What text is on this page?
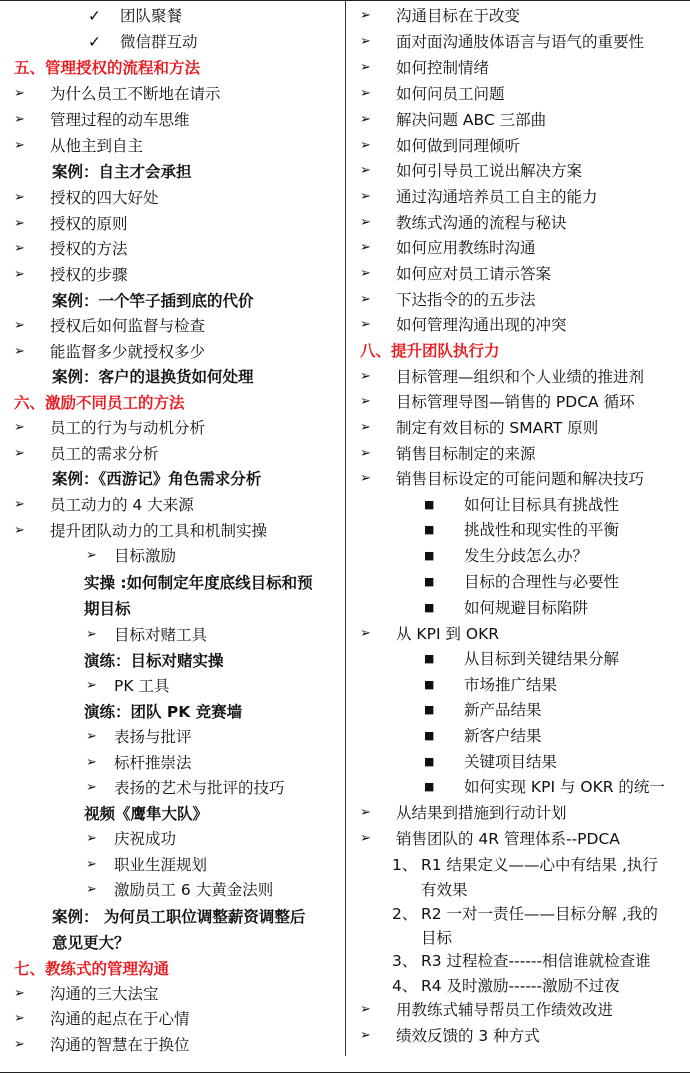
✓ 团队聚餐
✓ 微信群互动
五、管理授权的流程和方法
➢ 为什么员工不断地在请示
➢ 管理过程的动车思维
➢ 从他主到自主
案例：自主才会承担
➢ 授权的四大好处
➢ 授权的原则
➢ 授权的方法
➢ 授权的步骤
案例：一个竿子插到底的代价
➢ 授权后如何监督与检查
➢ 能监督多少就授权多少
案例：客户的退换货如何处理
六、激励不同员工的方法
➢ 员工的行为与动机分析
➢ 员工的需求分析
案例：《西游记》角色需求分析
➢ 员工动力的 4 大来源
➢ 提升团队动力的工具和机制实操
➢ 目标激励
实操 :如何制定年度底线目标和预
期目标
➢ 目标对赌工具
演练：目标对赌实操
➢ PK 工具
演练：团队 PK 竞赛墙
➢ 表扬与批评
➢ 标杆推崇法
➢ 表扬的艺术与批评的技巧
视频《鹰隼大队》
➢ 庆祝成功
➢ 职业生涯规划
➢ 激励员工 6 大黄金法则
案例： 为何员工职位调整薪资调整后
意见更大？
七、教练式的管理沟通
➢ 沟通的三大法宝
➢ 沟通的起点在于心情
➢ 沟通的智慧在于换位
➢ 沟通目标在于改变
➢ 面对面沟通肢体语言与语气的重要性
➢ 如何控制情绪
➢ 如何问员工问题
➢ 解决问题 ABC 三部曲
➢ 如何做到同理倾听
➢ 如何引导员工说出解决方案
➢ 通过沟通培养员工自主的能力
➢ 教练式沟通的流程与秘诀
➢ 如何应用教练时沟通
➢ 如何应对员工请示答案
➢ 下达指令的的五步法
➢ 如何管理沟通出现的冲突
八、提升团队执行力
➢ 目标管理—组织和个人业绩的推进剂
➢ 目标管理导图—销售的 PDCA 循环
➢ 制定有效目标的 SMART 原则
➢ 销售目标制定的来源
➢ 销售目标设定的可能问题和解决技巧
■ 如何让目标具有挑战性
■ 挑战性和现实性的平衡
■ 发生分歧怎么办？
■ 目标的合理性与必要性
■ 如何规避目标陷阱
➢ 从 KPI 到 OKR
■ 从目标到关键结果分解
■ 市场推广结果
■ 新产品结果
■ 新客户结果
■ 关键项目结果
■ 如何实现 KPI 与 OKR 的统一
➢ 从结果到措施到行动计划
➢ 销售团队的 4R 管理体系--PDCA
1、 R1 结果定义——心中有结果 ,执行
有效果
2、 R2 一对一责任——目标分解 ,我的
目标
3、 R3 过程检查------相信谁就检查谁
4、 R4 及时激励------激励不过夜
➢ 用教练式辅导帮员工作绩效改进
➢ 绩效反馈的 3 种方式
